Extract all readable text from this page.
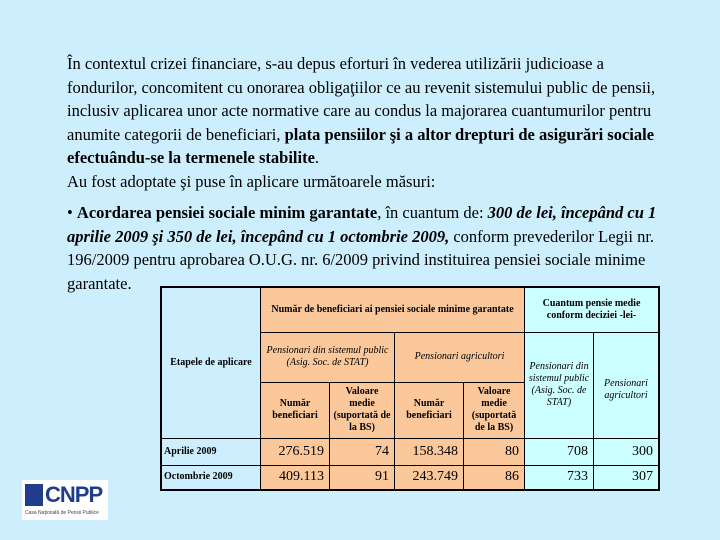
În contextul crizei financiare, s-au depus eforturi în vederea utilizării judicioase a fondurilor, concomitent cu onorarea obligaţiilor ce au revenit sistemului public de pensii, inclusiv aplicarea unor acte normative care au condus la majorarea cuantumurilor pentru anumite categorii de beneficiari, plata pensiilor şi a altor drepturi de asigurări sociale efectuându-se la termenele stabilite.
Au fost adoptate şi puse în aplicare următoarele măsuri:
• Acordarea pensiei sociale minim garantate, în cuantum de: 300 de lei, începând cu 1 aprilie 2009 şi 350 de lei, începând cu 1 octombrie 2009, conform prevederilor Legii nr. 196/2009 pentru aprobarea O.U.G. nr. 6/2009 privind instituirea pensiei sociale minime garantate.
Etapele de aplicare	Număr de beneficiari ai pensiei sociale minime garantate				Cuantum pensie medie conform deciziei -lei-	
	Pensionari din sistemul public (Asig. Soc. de STAT)		Pensionari agricultori		Pensionari din sistemul public (Asig. Soc. de STAT)	Pensionari agricultori
	Număr beneficiari	Valoare medie (suportată de la BS)	Număr beneficiari	Valoare medie (suportată de la BS)		
Aprilie 2009	276.519	74	158.348	80	708	300
Octombrie 2009	409.113	91	243.749	86	733	307
CNPP
Casa Naţională de Pensii Publice
